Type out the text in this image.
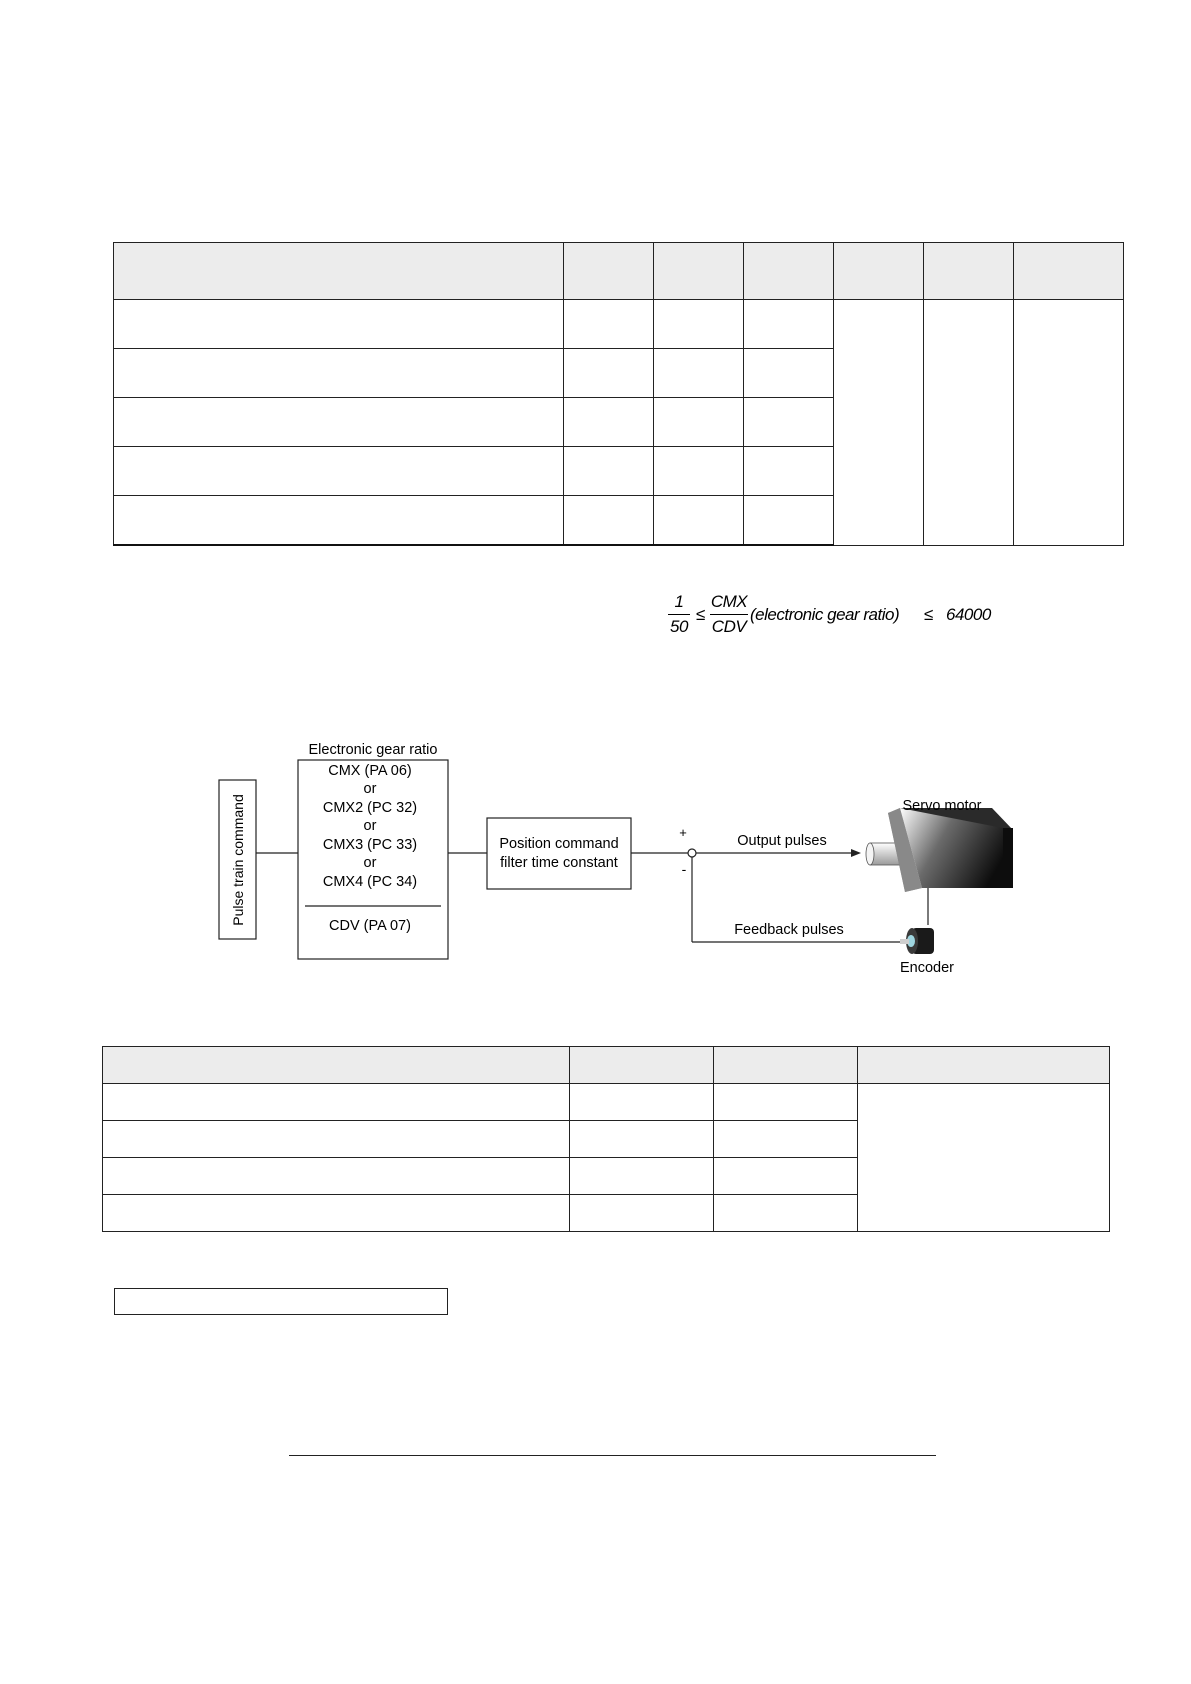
1
50
≤
CMX
CDV
(electronic gear ratio) ≤ 64000
Pulse train command
Electronic gear ratio
CMX (PA 06)
or
CMX2 (PC 32)
or
CMX3 (PC 33)
or
CMX4 (PC 34)
CDV (PA 07)
Position command
filter time constant
+
-
Output pulses
Servo motor
Encoder
Feedback pulses
